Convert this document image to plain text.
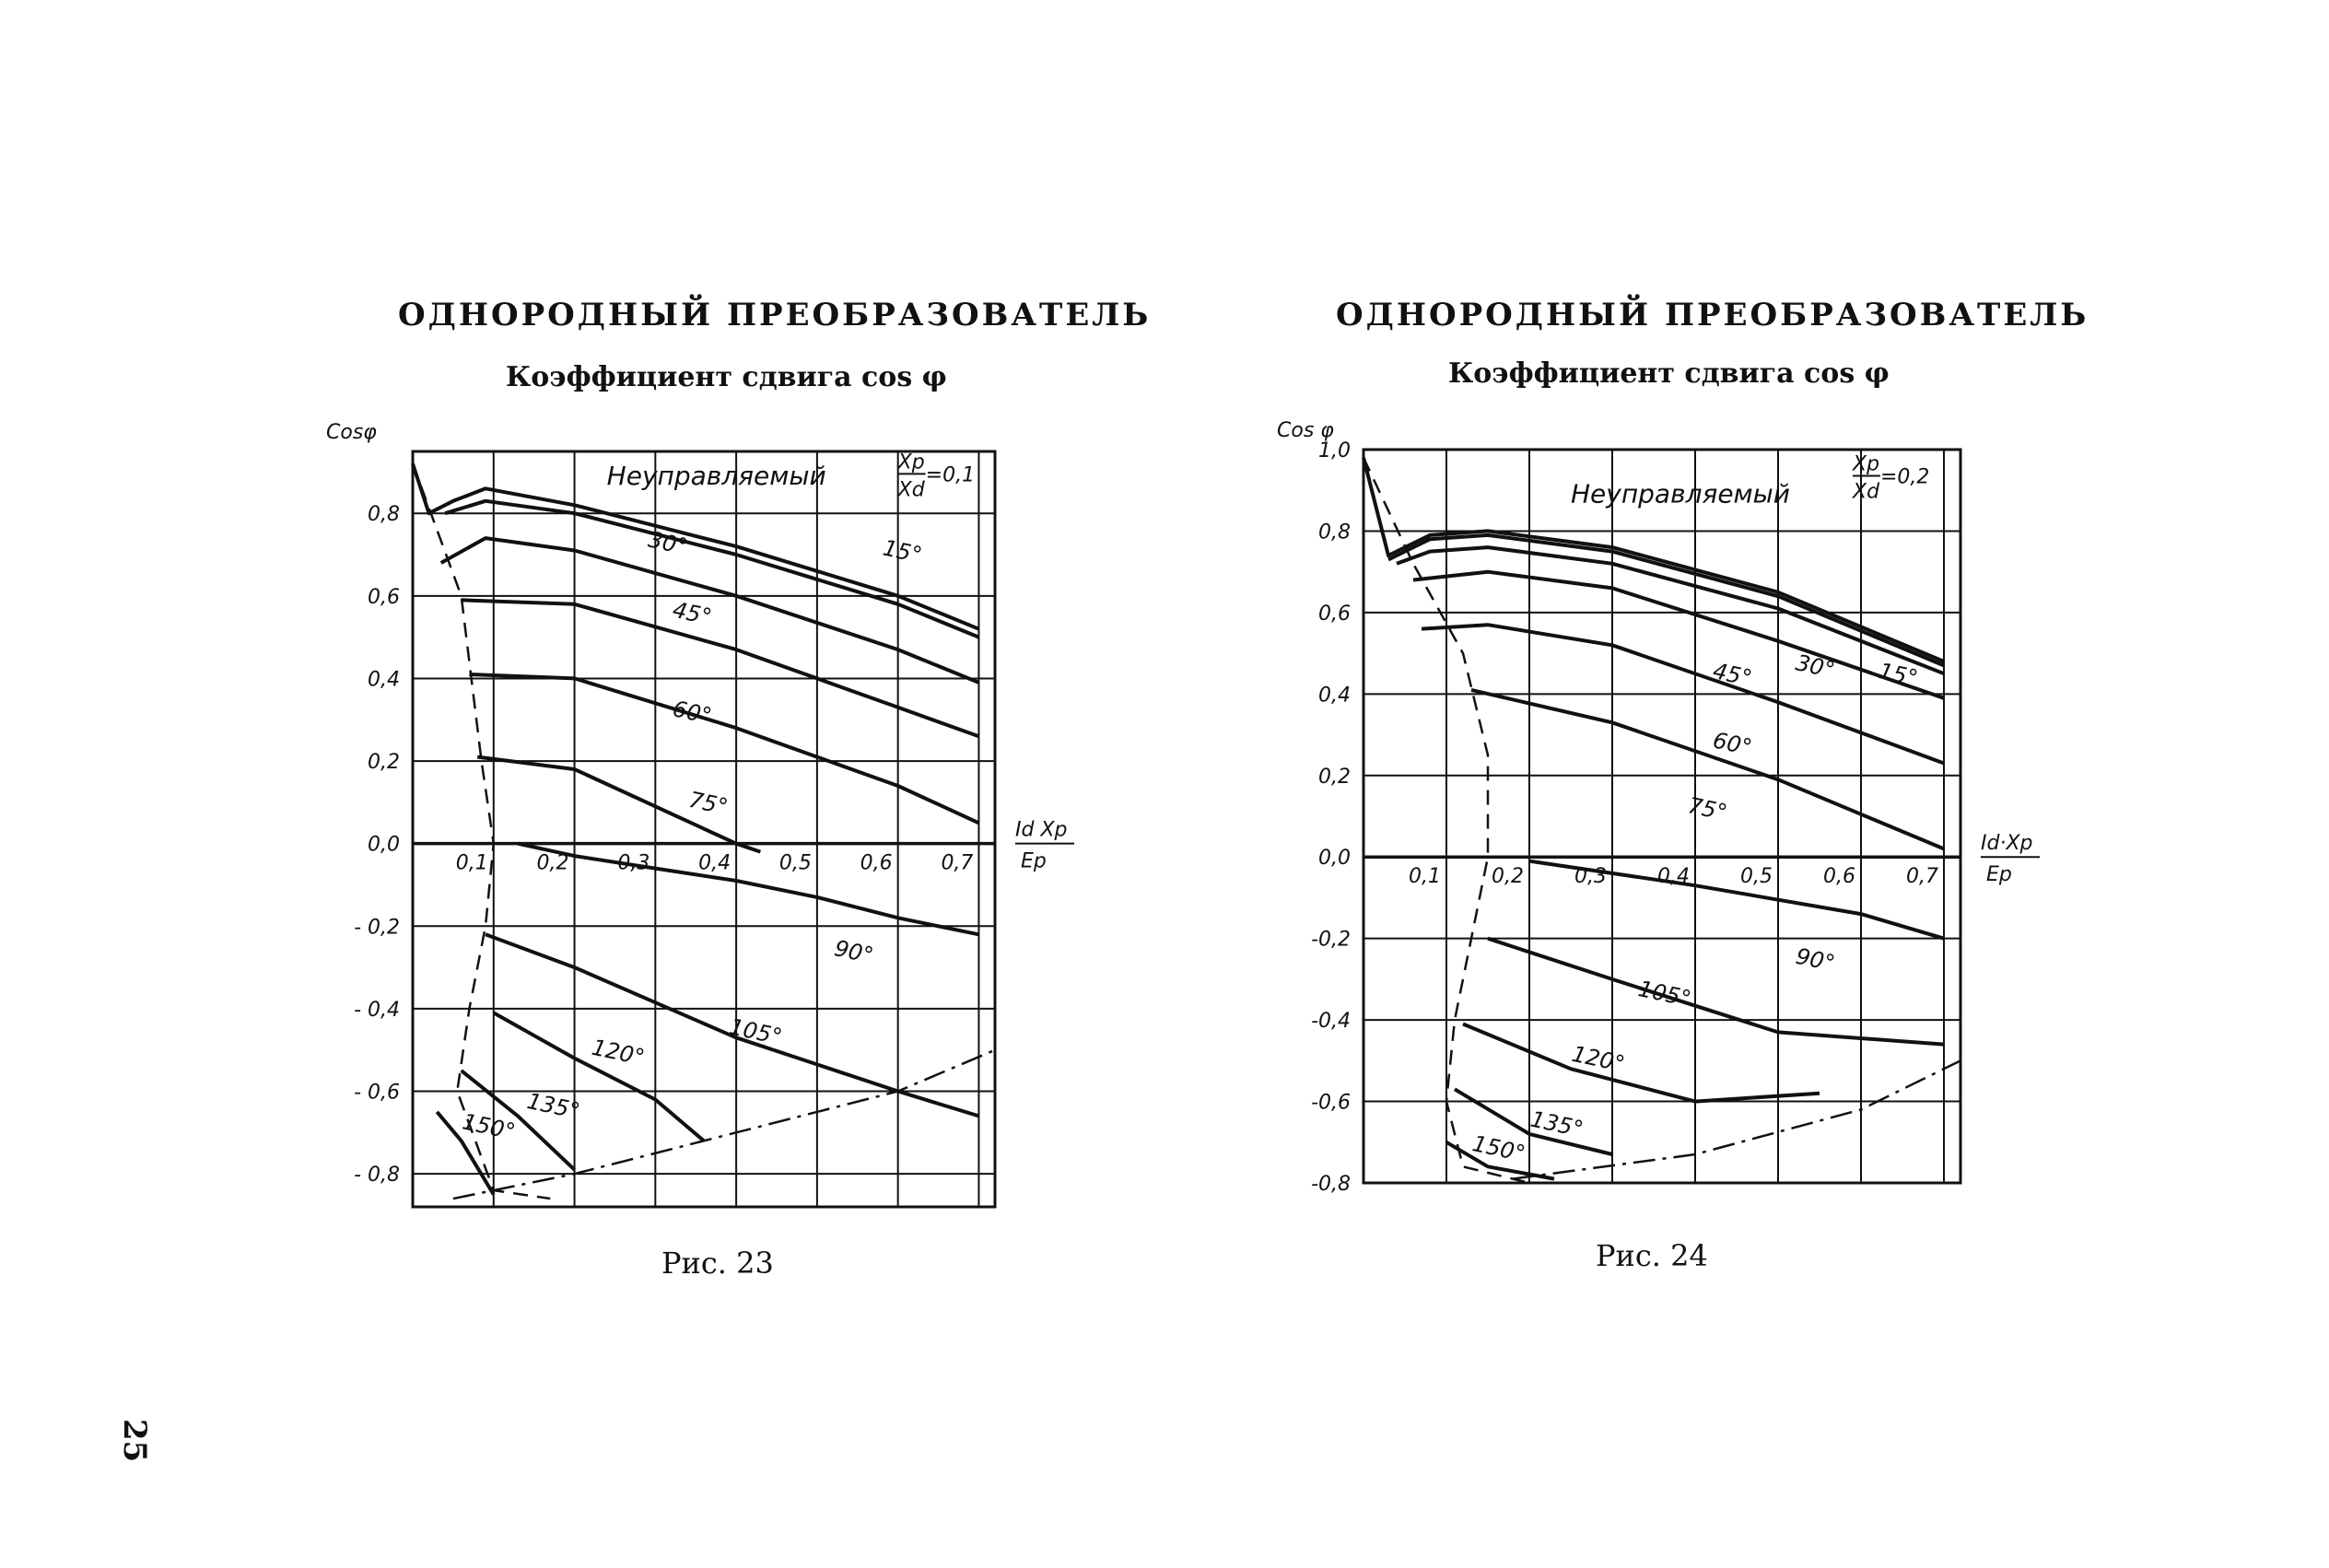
ОДНОРОДНЫЙ ПРЕОБРАЗОВАТЕЛЬ
Коэффициент сдвига cos φ
0,1 0,2 0,3 0,4 0,5 0,6 0,7
0,8
0,6
0,4
0,2
0,0
- 0,2
- 0,4
- 0,6
- 0,8
Cosφ
Id Xp
Ep
15°
30°
45°
60°
75°
90°
105°
120°
135°
150°
Неуправляемый	Xp
Xd
=0,1
Рис. 23
ОДНОРОДНЫЙ ПРЕОБРАЗОВАТЕЛЬ
Коэффициент сдвига cos φ
0,1	0,2	0,3	0,4	0,5	0,6	0,7
1,0
0,8
0,6
0,4
0,2
0,0
-0,2
-0,4
-0,6
-0,8
Cos φ
Id·Xp
Ep
15°
30°
45°
60°
75°
90°
105°
120°
135°
150°
Неуправляемый
Xp
Xd
=0,2
Рис. 24
25
